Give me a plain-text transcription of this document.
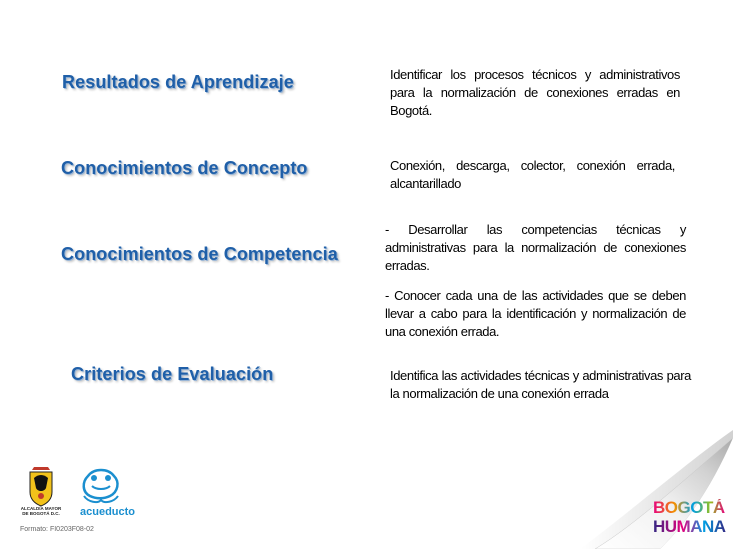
Resultados de Aprendizaje	Identificar los procesos técnicos y administrativos para la normalización de conexiones erradas en Bogotá.
Conocimientos de Concepto	Conexión, descarga, colector, conexión errada, alcantarillado
Conocimientos de Competencia
- Desarrollar las competencias técnicas y administrativas para la normalización de conexiones erradas.
- Conocer cada una de las actividades que se deben llevar a cabo para la identificación y normalización de una conexión errada.
Criterios de Evaluación	Identifica las actividades técnicas y administrativas para la normalización de una conexión errada
ALCALDÍA MAYOR
DE BOGOTÁ D.C.	acueducto
Formato: FI0203F08-02
BOGOTÁ
HUMANA
